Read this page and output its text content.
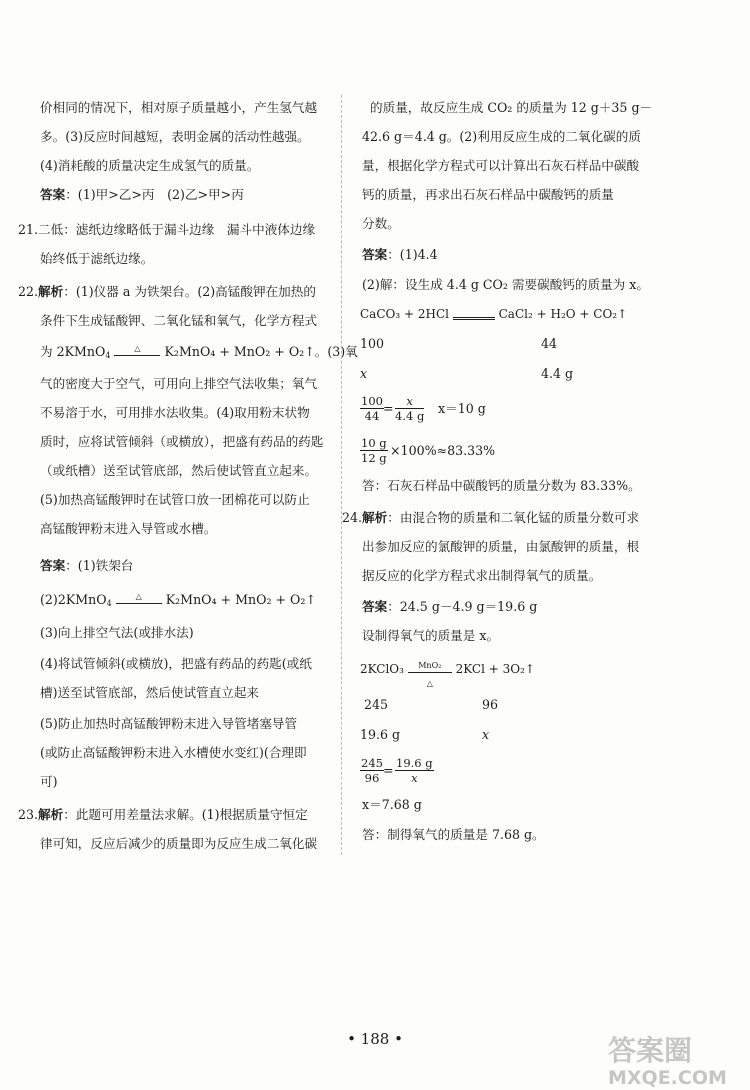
价相同的情况下，相对原子质量越小，产生氢气越
多。(3)反应时间越短，表明金属的活动性越强。
(4)消耗酸的质量决定生成氢气的质量。
答案：(1)甲>乙>丙　(2)乙>甲>丙
21.二低：滤纸边缘略低于漏斗边缘　漏斗中液体边缘
始终低于滤纸边缘。
22.解析：(1)仪器 a 为铁架台。(2)高锰酸钾在加热的
条件下生成锰酸钾、二氧化锰和氧气，化学方程式
为 2KMnO$_4$
△	K₂MnO₄ + MnO₂ + O₂↑。(3)氧
气的密度大于空气，可用向上排空气法收集；氧气
不易溶于水，可用排水法收集。(4)取用粉末状物
质时，应将试管倾斜（或横放），把盛有药品的药匙
（或纸槽）送至试管底部，然后使试管直立起来。
(5)加热高锰酸钾时在试管口放一团棉花可以防止
高锰酸钾粉末进入导管或水槽。
答案：(1)铁架台
(2)2KMnO$_4$
△	K₂MnO₄ + MnO₂ + O₂↑
(3)向上排空气法(或排水法)
(4)将试管倾斜(或横放)，把盛有药品的药匙(或纸
槽)送至试管底部，然后使试管直立起来
(5)防止加热时高锰酸钾粉末进入导管堵塞导管
(或防止高锰酸钾粉末进入水槽使水变红)(合理即
可)
23.解析：此题可用差量法求解。(1)根据质量守恒定
律可知，反应后减少的质量即为反应生成二氧化碳
的质量，故反应生成 CO₂ 的质量为 12 g＋35 g－
42.6 g＝4.4 g。(2)利用反应生成的二氧化碳的质
量，根据化学方程式可以计算出石灰石样品中碳酸
钙的质量，再求出石灰石样品中碳酸钙的质量
分数。
答案：(1)4.4
(2)解：设生成 4.4 g CO₂ 需要碳酸钙的质量为 x。
CaCO₃ + 2HCl	CaCl₂ + H₂O + CO₂↑
100	44
x	4.4 g
$\frac{100}{44} = \frac{x}{4.4 g} x=10$ g
$\frac{10 g}{12 g} \times 100\%\approx 83.33\%$
答：石灰石样品中碳酸钙的质量分数为 83.33%。
24.解析：由混合物的质量和二氧化锰的质量分数可求
出参加反应的氯酸钾的质量，由氯酸钾的质量，根
据反应的化学方程式求出制得氧气的质量。
答案：24.5 g－4.9 g＝19.6 g
设制得氧气的质量是 x。
2KClO₃	MnO₂
△
2KCl + 3O₂↑
245	96
19.6 g	x
$\frac{245}{96} = \frac{19.6 g}{x}$
x＝7.68 g
答：制得氧气的质量是 7.68 g。
• 188 •	答案圈
MXQE.COM
